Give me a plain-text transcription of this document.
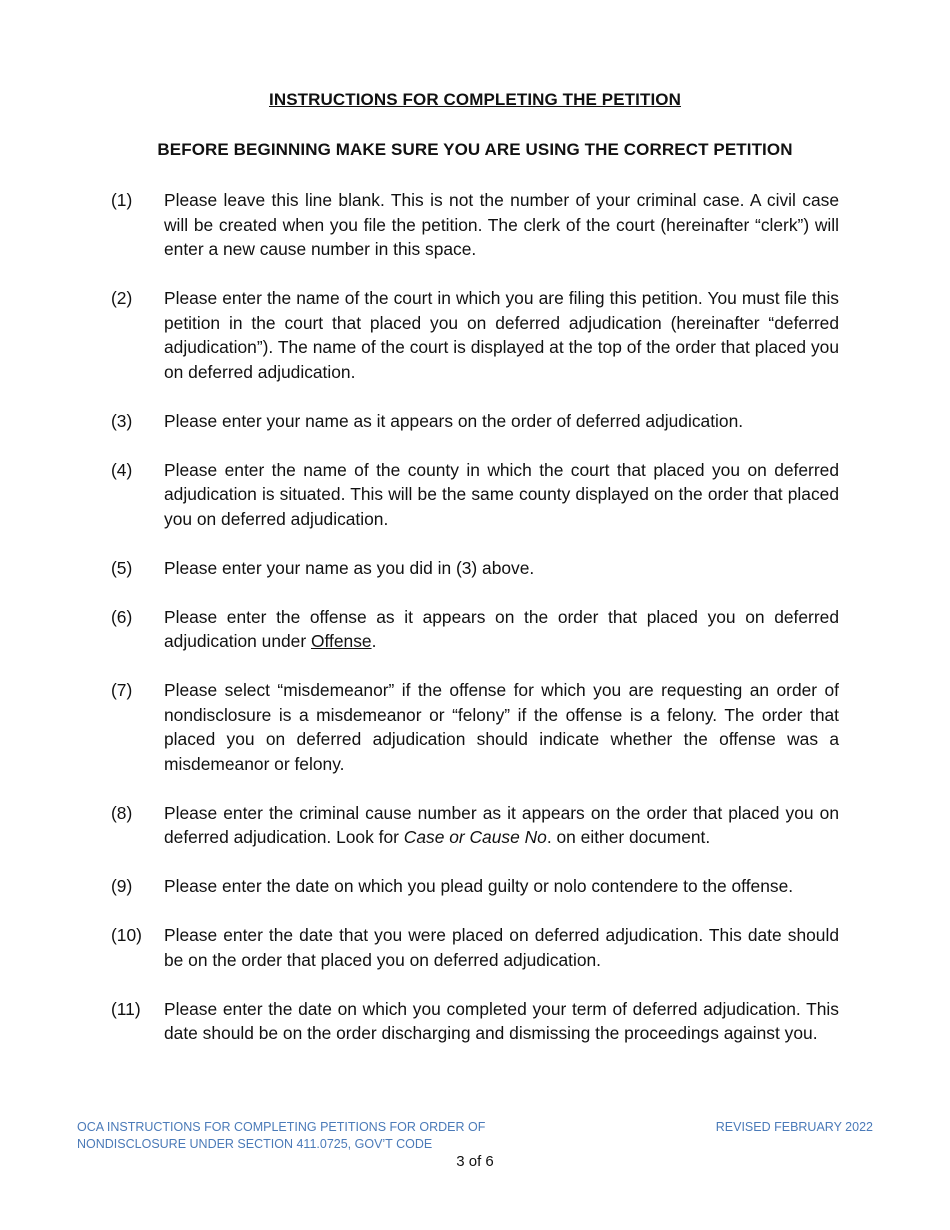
INSTRUCTIONS FOR COMPLETING THE PETITION
BEFORE BEGINNING MAKE SURE YOU ARE USING THE CORRECT PETITION
(1)	Please leave this line blank. This is not the number of your criminal case. A civil case will be created when you file the petition. The clerk of the court (hereinafter “clerk”) will enter a new cause number in this space.
(2)	Please enter the name of the court in which you are filing this petition. You must file this petition in the court that placed you on deferred adjudication (hereinafter “deferred adjudication”). The name of the court is displayed at the top of the order that placed you on deferred adjudication.
(3)	Please enter your name as it appears on the order of deferred adjudication.
(4)	Please enter the name of the county in which the court that placed you on deferred adjudication is situated. This will be the same county displayed on the order that placed you on deferred adjudication.
(5)	Please enter your name as you did in (3) above.
(6)	Please enter the offense as it appears on the order that placed you on deferred adjudication under Offense.
(7)	Please select “misdemeanor” if the offense for which you are requesting an order of nondisclosure is a misdemeanor or “felony” if the offense is a felony. The order that placed you on deferred adjudication should indicate whether the offense was a misdemeanor or felony.
(8)	Please enter the criminal cause number as it appears on the order that placed you on deferred adjudication. Look for Case or Cause No. on either document.
(9)	Please enter the date on which you plead guilty or nolo contendere to the offense.
(10)	Please enter the date that you were placed on deferred adjudication. This date should be on the order that placed you on deferred adjudication.
(11)	Please enter the date on which you completed your term of deferred adjudication. This date should be on the order discharging and dismissing the proceedings against you.
OCA INSTRUCTIONS FOR COMPLETING PETITIONS FOR ORDER OF
NONDISCLOSURE UNDER SECTION 411.0725, GOV’T CODE
REVISED FEBRUARY 2022
3 of 6
